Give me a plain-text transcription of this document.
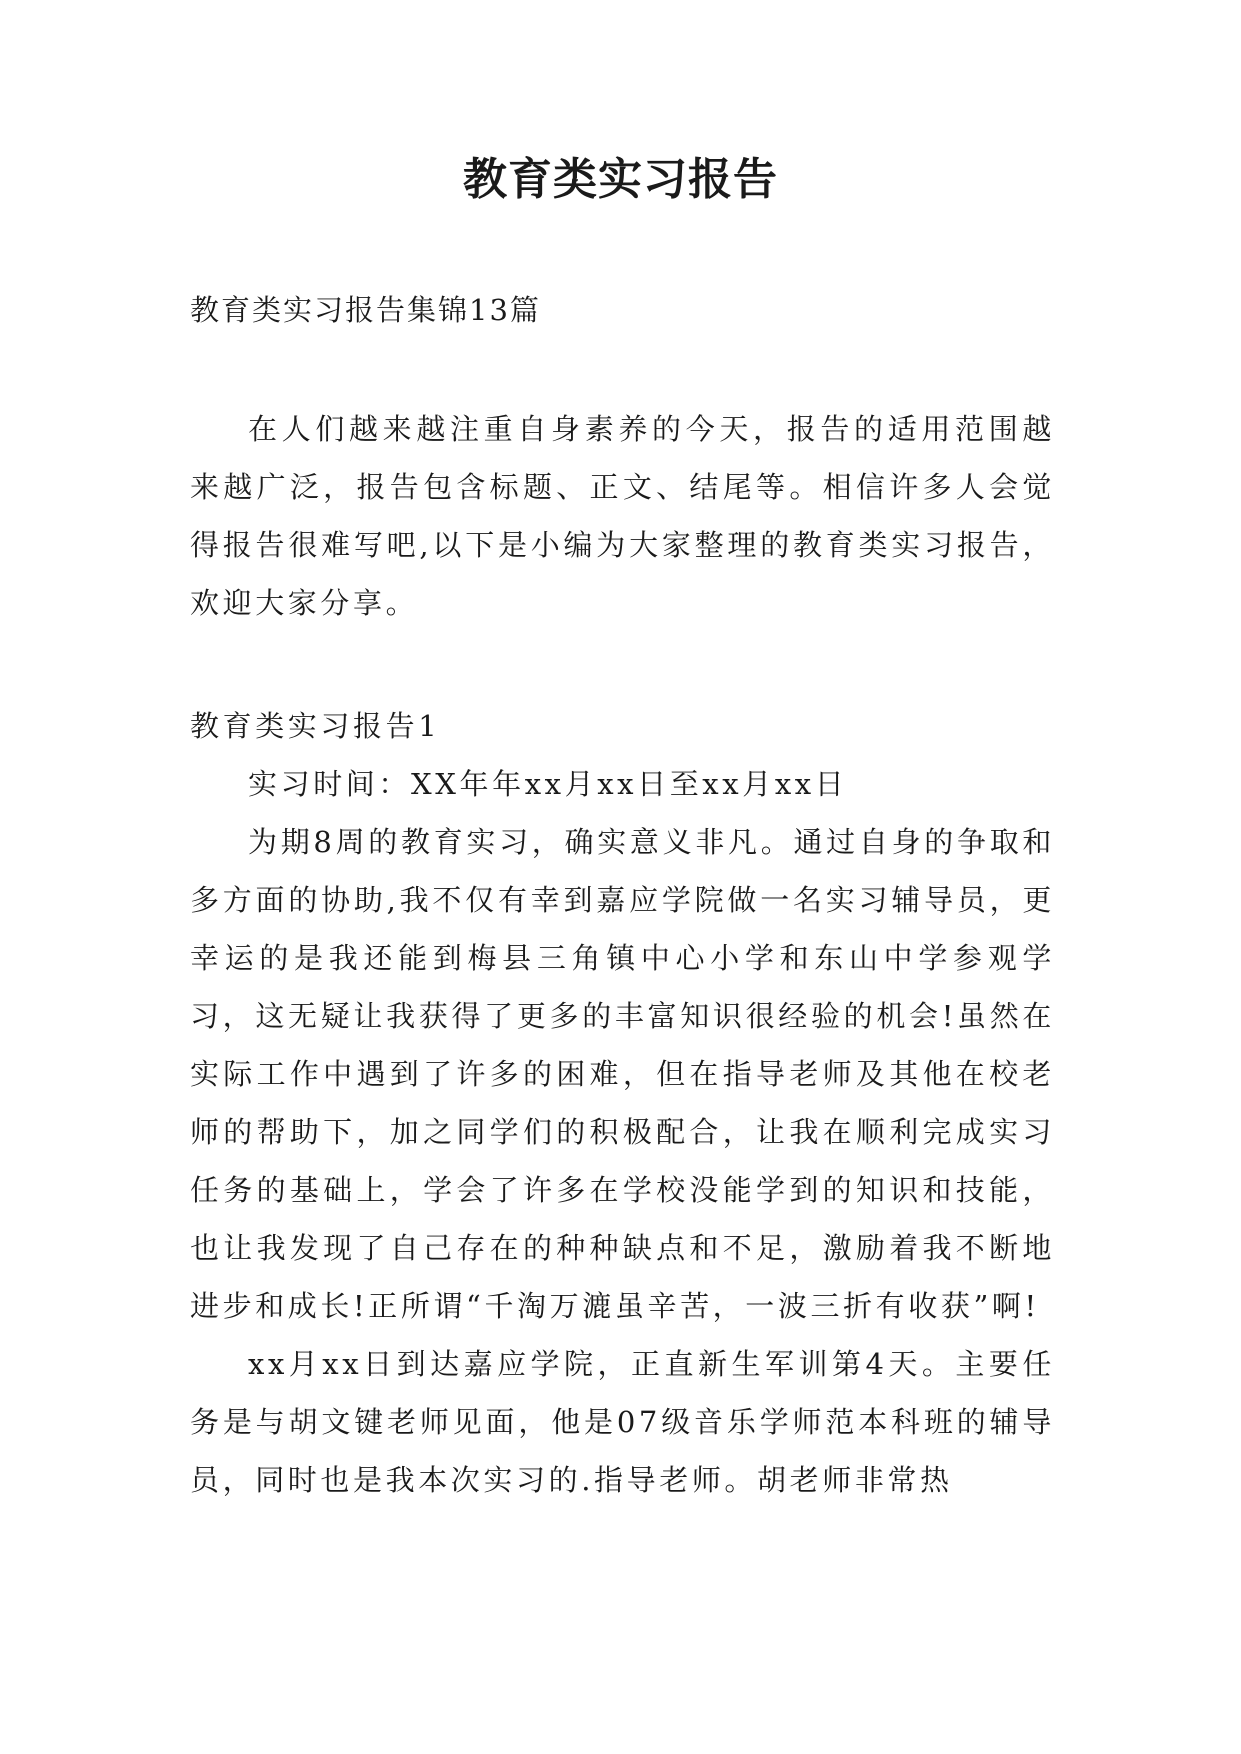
教育类实习报告
教育类实习报告集锦13篇

在人们越来越注重自身素养的今天，报告的适用范围越来越广泛，报告包含标题、正文、结尾等。相信许多人会觉得报告很难写吧,以下是小编为大家整理的教育类实习报告，欢迎大家分享。

教育类实习报告1

实习时间：XX年年xx月xx日至xx月xx日

为期8周的教育实习，确实意义非凡。通过自身的争取和多方面的协助,我不仅有幸到嘉应学院做一名实习辅导员，更幸运的是我还能到梅县三角镇中心小学和东山中学参观学习，这无疑让我获得了更多的丰富知识很经验的机会!虽然在实际工作中遇到了许多的困难，但在指导老师及其他在校老师的帮助下，加之同学们的积极配合，让我在顺利完成实习任务的基础上，学会了许多在学校没能学到的知识和技能，也让我发现了自己存在的种种缺点和不足，激励着我不断地进步和成长!正所谓“千淘万漉虽辛苦，一波三折有收获”啊!

xx月xx日到达嘉应学院，正直新生军训第4天。主要任务是与胡文键老师见面，他是07级音乐学师范本科班的辅导员，同时也是我本次实习的.指导老师。胡老师非常热
